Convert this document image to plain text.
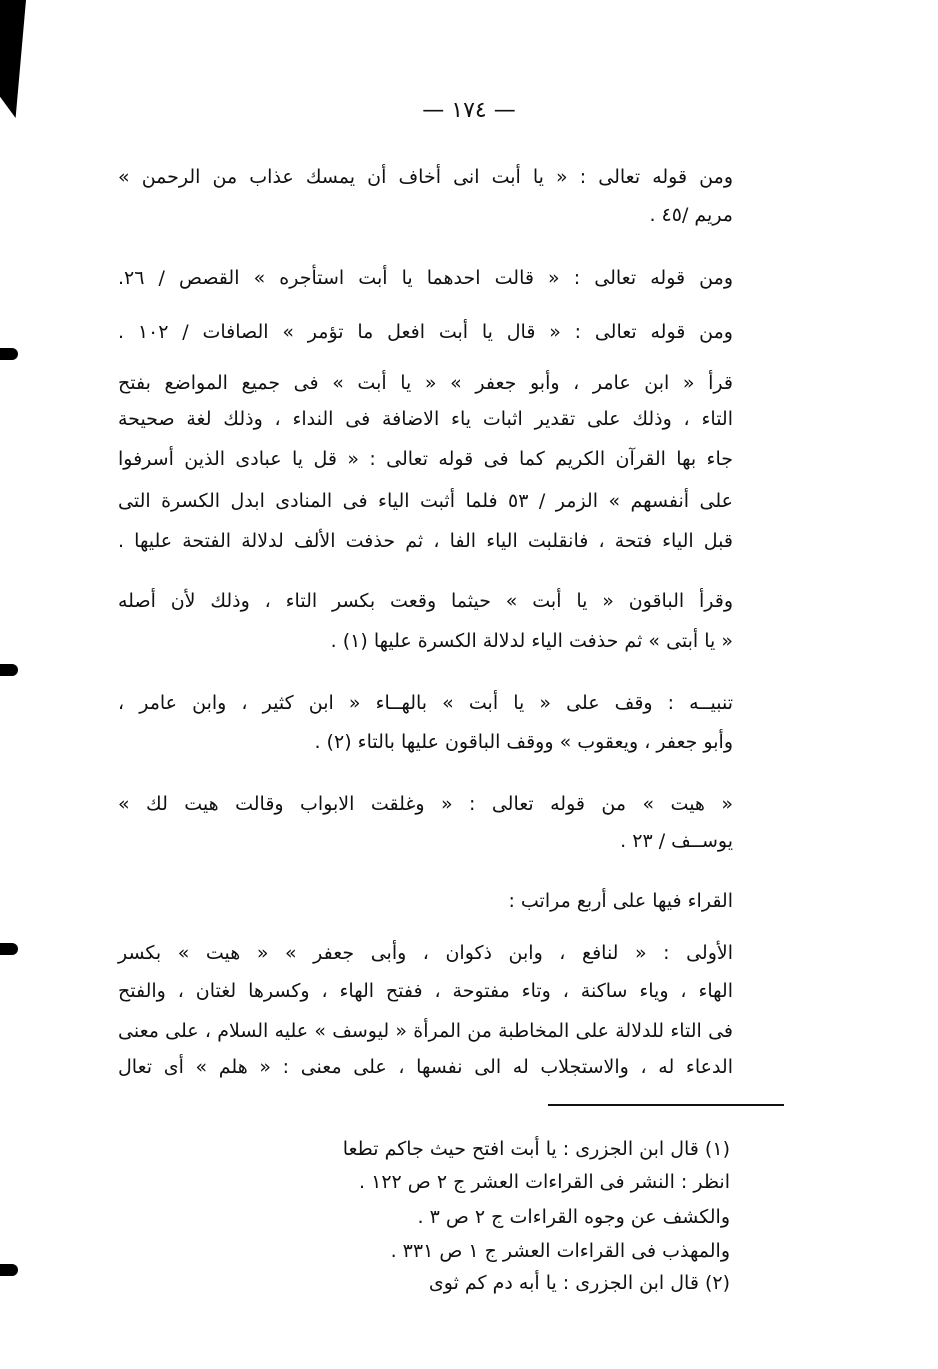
— ١٧٤ —
ومن قوله تعالى : « يا أبت انى أخاف أن يمسك عذاب من الرحمن »
مريم /٤٥ .
ومن قوله تعالى : « قالت احدهما يا أبت استأجره » القصص / ٢٦.
ومن قوله تعالى : « قال يا أبت افعل ما تؤمر » الصافات / ١٠٢ .
قرأ « ابن عامر ، وأبو جعفر » « يا أبت » فى جميع المواضع بفتح
التاء ، وذلك على تقدير اثبات ياء الاضافة فى النداء ، وذلك لغة صحيحة
جاء بها القرآن الكريم كما فى قوله تعالى : « قل يا عبادى الذين أسرفوا
على أنفسهم » الزمر / ٥٣ فلما أثبت الياء فى المنادى ابدل الكسرة التى
قبل الياء فتحة ، فانقلبت الياء الفا ، ثم حذفت الألف لدلالة الفتحة عليها .
وقرأ الباقون « يا أبت » حيثما وقعت بكسر التاء ، وذلك لأن أصله
« يا أبتى » ثم حذفت الياء لدلالة الكسرة عليها (١) .
تنبيــه : وقف على « يا أبت » بالهــاء « ابن كثير ، وابن عامر ،
وأبو جعفر ، ويعقوب » ووقف الباقون عليها بالتاء (٢) .
« هيت » من قوله تعالى : « وغلقت الابواب وقالت هيت لك »
يوســف / ٢٣ .
القراء فيها على أربع مراتب :
الأولى : « لنافع ، وابن ذكوان ، وأبى جعفر » « هيت » بكسر
الهاء ، وياء ساكنة ، وتاء مفتوحة ، ففتح الهاء ، وكسرها لغتان ، والفتح
فى التاء للدلالة على المخاطبة من المرأة « ليوسف » عليه السلام ، على معنى
الدعاء له ، والاستجلاب له الى نفسها ، على معنى : « هلم » أى تعال
(١) قال ابن الجزرى : يا أبت افتح حيث جاكم تطعا
انظر : النشر فى القراءات العشر ج ٢ ص ١٢٢ .
والكشف عن وجوه القراءات ج ٢ ص ٣ .
والمهذب فى القراءات العشر ج ١ ص ٣٣١ .
(٢) قال ابن الجزرى : يا أبه دم كم ثوى
